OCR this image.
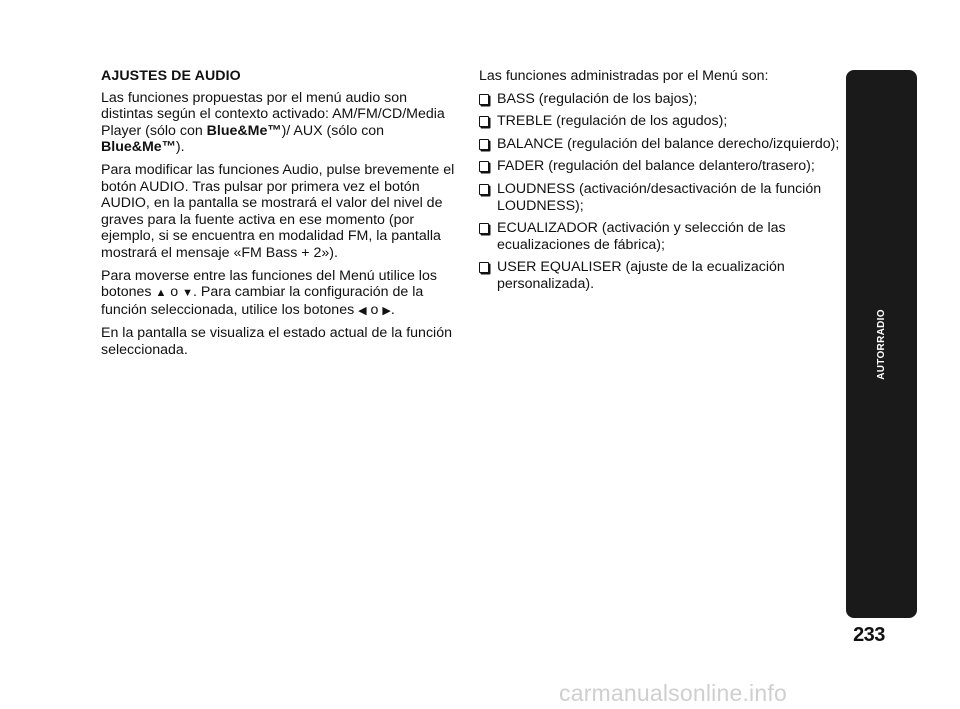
AJUSTES DE AUDIO

Las funciones propuestas por el menú audio son distintas según el contexto activado: AM/FM/CD/Media Player (sólo con Blue&Me™)/ AUX (sólo con Blue&Me™).

Para modificar las funciones Audio, pulse brevemente el botón AUDIO. Tras pulsar por primera vez el botón AUDIO, en la pantalla se mostrará el valor del nivel de graves para la fuente activa en ese momento (por ejemplo, si se encuentra en modalidad FM, la pantalla mostrará el mensaje «FM Bass + 2»).

Para moverse entre las funciones del Menú utilice los botones ▲ o ▼. Para cambiar la configuración de la función seleccionada, utilice los botones ◀ o ▶.

En la pantalla se visualiza el estado actual de la función seleccionada.

Las funciones administradas por el Menú son:

BASS (regulación de los bajos);
TREBLE (regulación de los agudos);
BALANCE (regulación del balance derecho/izquierdo);
FADER (regulación del balance delantero/trasero);
LOUDNESS (activación/desactivación de la función LOUDNESS);
ECUALIZADOR (activación y selección de las ecualizaciones de fábrica);
USER EQUALISER (ajuste de la ecualización personalizada).
AUTORRADIO
233
carmanualsonline.info
